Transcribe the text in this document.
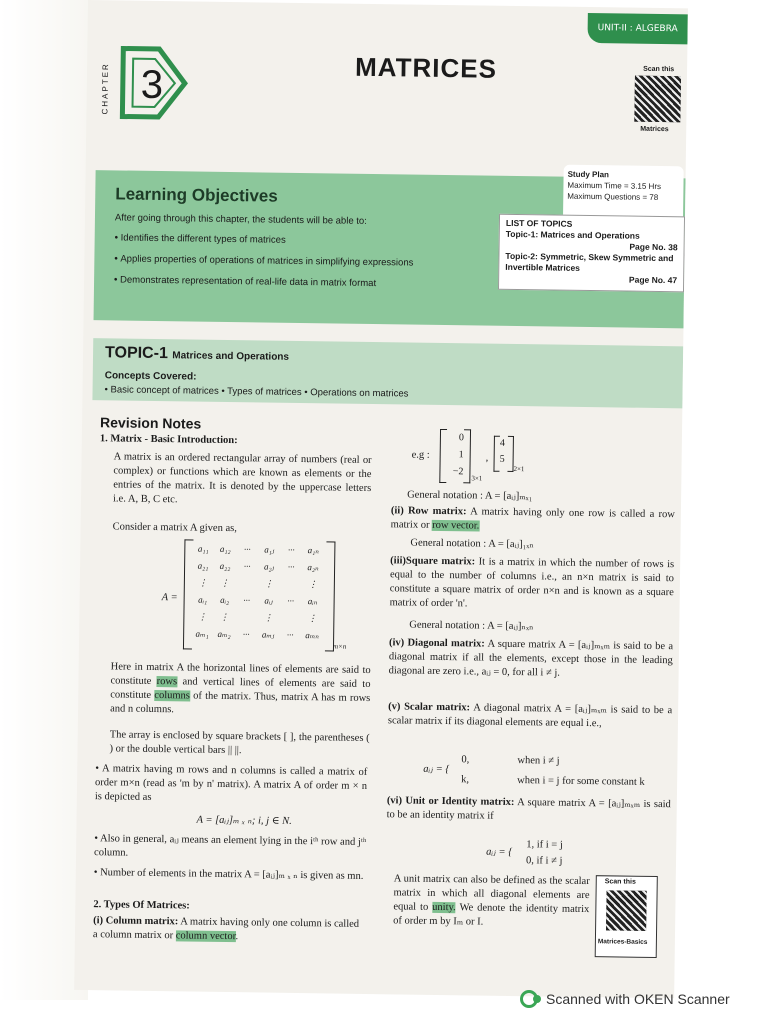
UNIT-II : ALGEBRA
CHAPTER 3	MATRICES	Scan this
Matrices
Learning Objectives
After going through this chapter, the students will be able to:
• Identifies the different types of matrices
• Applies properties of operations of matrices in simplifying expressions
• Demonstrates representation of real-life data in matrix format
Study Plan
Maximum Time = 3.15 Hrs
Maximum Questions = 78
LIST OF TOPICS
Topic-1: Matrices and Operations
Page No. 38
Topic-2: Symmetric, Skew Symmetric and Invertible Matrices
Page No. 47
TOPIC-1 Matrices and Operations
Concepts Covered:
• Basic concept of matrices • Types of matrices • Operations on matrices
Revision Notes
1. Matrix - Basic Introduction:
A matrix is an ordered rectangular array of numbers (real or complex) or functions which are known as elements or the entries of the matrix. It is denoted by the uppercase letters i.e. A, B, C etc.
Consider a matrix A given as,
A =
a₁₁	a₁₂	···	a₁ⱼ	···	a₁ₙ
a₂₁	a₂₂	···	a₂ⱼ	···	a₂ₙ
⋮	⋮	⋮	⋮
aᵢ₁	aᵢ₂	···	aᵢⱼ	···	aᵢₙ
⋮	⋮	⋮	⋮
aₘ₁ aₘ₂	···	aₘⱼ	···	aₘₙ
m×n
Here in matrix A the horizontal lines of elements are said to constitute rows and vertical lines of elements are said to constitute columns of the matrix. Thus, matrix A has m rows and n columns.
The array is enclosed by square brackets [ ], the parentheses ( ) or the double vertical bars || ||.
• A matrix having m rows and n columns is called a matrix of order m×n (read as 'm by n' matrix). A matrix A of order m × n is depicted as
A = [aᵢⱼ]ₘ ₓ ₙ; i, j ∈ N.
• Also in general, aᵢⱼ means an element lying in the iᵗʰ row and jᵗʰ column.
• Number of elements in the matrix A = [aᵢⱼ]ₘ ₓ ₙ is given as mn.
2. Types Of Matrices:
(i) Column matrix: A matrix having only one column is called a column matrix or column vector.
e.g :
0
1
−2
3×1
,
4
5
2×1
General notation : A = [aᵢⱼ]ₘₓ₁
(ii) Row matrix: A matrix having only one row is called a row matrix or row vector.
General notation : A = [aᵢⱼ]₁ₓₙ
(iii)Square matrix: It is a matrix in which the number of rows is equal to the number of columns i.e., an n×n matrix is said to constitute a square matrix of order n×n and is known as a square matrix of order 'n'.
General notation : A = [aᵢⱼ]ₙₓₙ
(iv) Diagonal matrix: A square matrix A = [aᵢⱼ]ₘₓₘ is said to be a diagonal matrix if all the elements, except those in the leading diagonal are zero i.e., aᵢⱼ = 0, for all i ≠ j.
(v) Scalar matrix: A diagonal matrix A = [aᵢⱼ]ₘₓₘ is said to be a scalar matrix if its diagonal elements are equal i.e.,
aᵢⱼ = {
0,	when i ≠ j
k,	when i = j for some constant k
(vi) Unit or Identity matrix: A square matrix A = [aᵢⱼ]ₘₓₘ is said to be an identity matrix if
aᵢⱼ = {
1, if i = j
0, if i ≠ j
A unit matrix can also be defined as the scalar matrix in which all diagonal elements are equal to unity. We denote the identity matrix of order m by Iₘ or I.
Scan this
Matrices-Basics
Scanned with OKEN Scanner
